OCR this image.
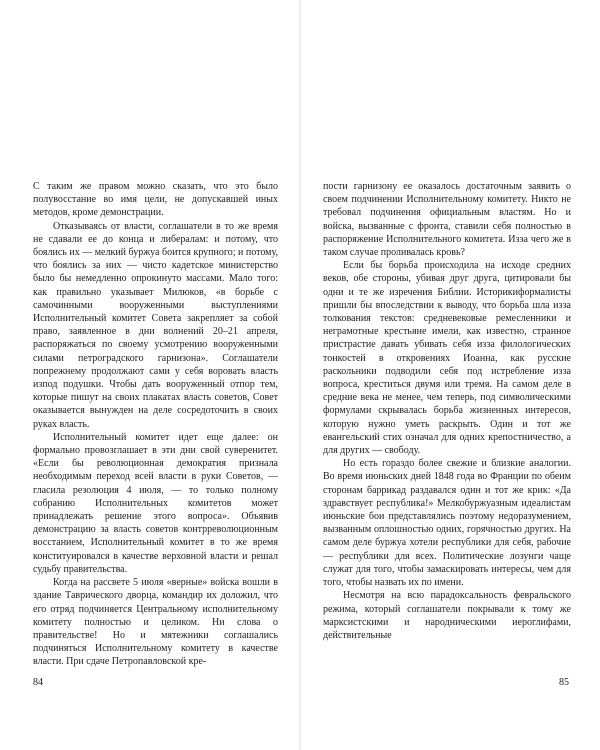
С таким же правом можно сказать, что это было полувосстание во имя цели, не допускавшей иных методов, кроме демонстрации.

Отказываясь от власти, соглашатели в то же время не сдавали ее до конца и либералам: и потому, что боялись их — мелкий буржуа боится крупного; и потому, что боялись за них — чисто кадетское министерство было бы немедленно опрокинуто массами. Мало того: как правильно указывает Милюков, «в борьбе с самочинными вооруженными выступлениями Исполнительный комитет Совета закрепляет за собой право, заявленное в дни волнений 20–21 апреля, распоряжаться по своему усмотрению вооруженными силами петроградского гарнизона». Соглашатели попрежнему продолжают сами у себя воровать власть изпод подушки. Чтобы дать вооруженный отпор тем, которые пишут на своих плакатах власть советов, Совет оказывается вынужден на деле сосредоточить в своих руках власть.

Исполнительный комитет идет еще далее: он формально провозглашает в эти дни свой суверенитет. «Если бы революционная демократия признала необходимым переход всей власти в руки Советов, — гласила резолюция 4 июля, — то только полному собранию Исполнительных комитетов может принадлежать решение этого вопроса». Объявив демонстрацию за власть советов контрреволюционным восстанием, Исполнительный комитет в то же время конституировался в качестве верховной власти и решал судьбу правительства.

Когда на рассвете 5 июля «верные» войска вошли в здание Таврического дворца, командир их доложил, что его отряд подчиняется Центральному исполнительному комитету полностью и целиком. Ни слова о правительстве! Но и мятежники соглашались подчиняться Исполнительному комитету в качестве власти. При сдаче Петропавловской кре-

84

пости гарнизону ее оказалось достаточным заявить о своем подчинении Исполнительному комитету. Никто не требовал подчинения официальным властям. Но и войска, вызванные с фронта, ставили себя полностью в распоряжение Исполнительного комитета. Изза чего же в таком случае проливалась кровь?

Если бы борьба происходила на исходе средних веков, обе стороны, убивая друг друга, цитировали бы одни и те же изречения Библии. Историкиформалисты пришли бы впоследствии к выводу, что борьба шла изза толкования текстов: средневековые ремесленники и неграмотные крестьяне имели, как известно, странное пристрастие давать убивать себя изза филологических тонкостей в откровениях Иоанна, как русские раскольники подводили себя под истребление изза вопроса, креститься двумя или тремя. На самом деле в средние века не менее, чем теперь, под символическими формулами скрывалась борьба жизненных интересов, которую нужно уметь раскрыть. Один и тот же евангельский стих означал для одних крепостничество, а для других — свободу.

Но есть гораздо более свежие и близкие аналогии. Во время июньских дней 1848 года во Франции по обеим сторонам баррикад раздавался один и тот же крик: «Да здравствует республика!» Мелкобуржуазным идеалистам июньские бои представлялись поэтому недоразумением, вызванным оплошностью одних, горячностью других. На самом деле буржуа хотели республики для себя, рабочие — республики для всех. Политические лозунги чаще служат для того, чтобы замаскировать интересы, чем для того, чтобы назвать их по имени.

Несмотря на всю парадоксальность февральского режима, который соглашатели покрывали к тому же марксистскими и народническими иероглифами, действительные

85
